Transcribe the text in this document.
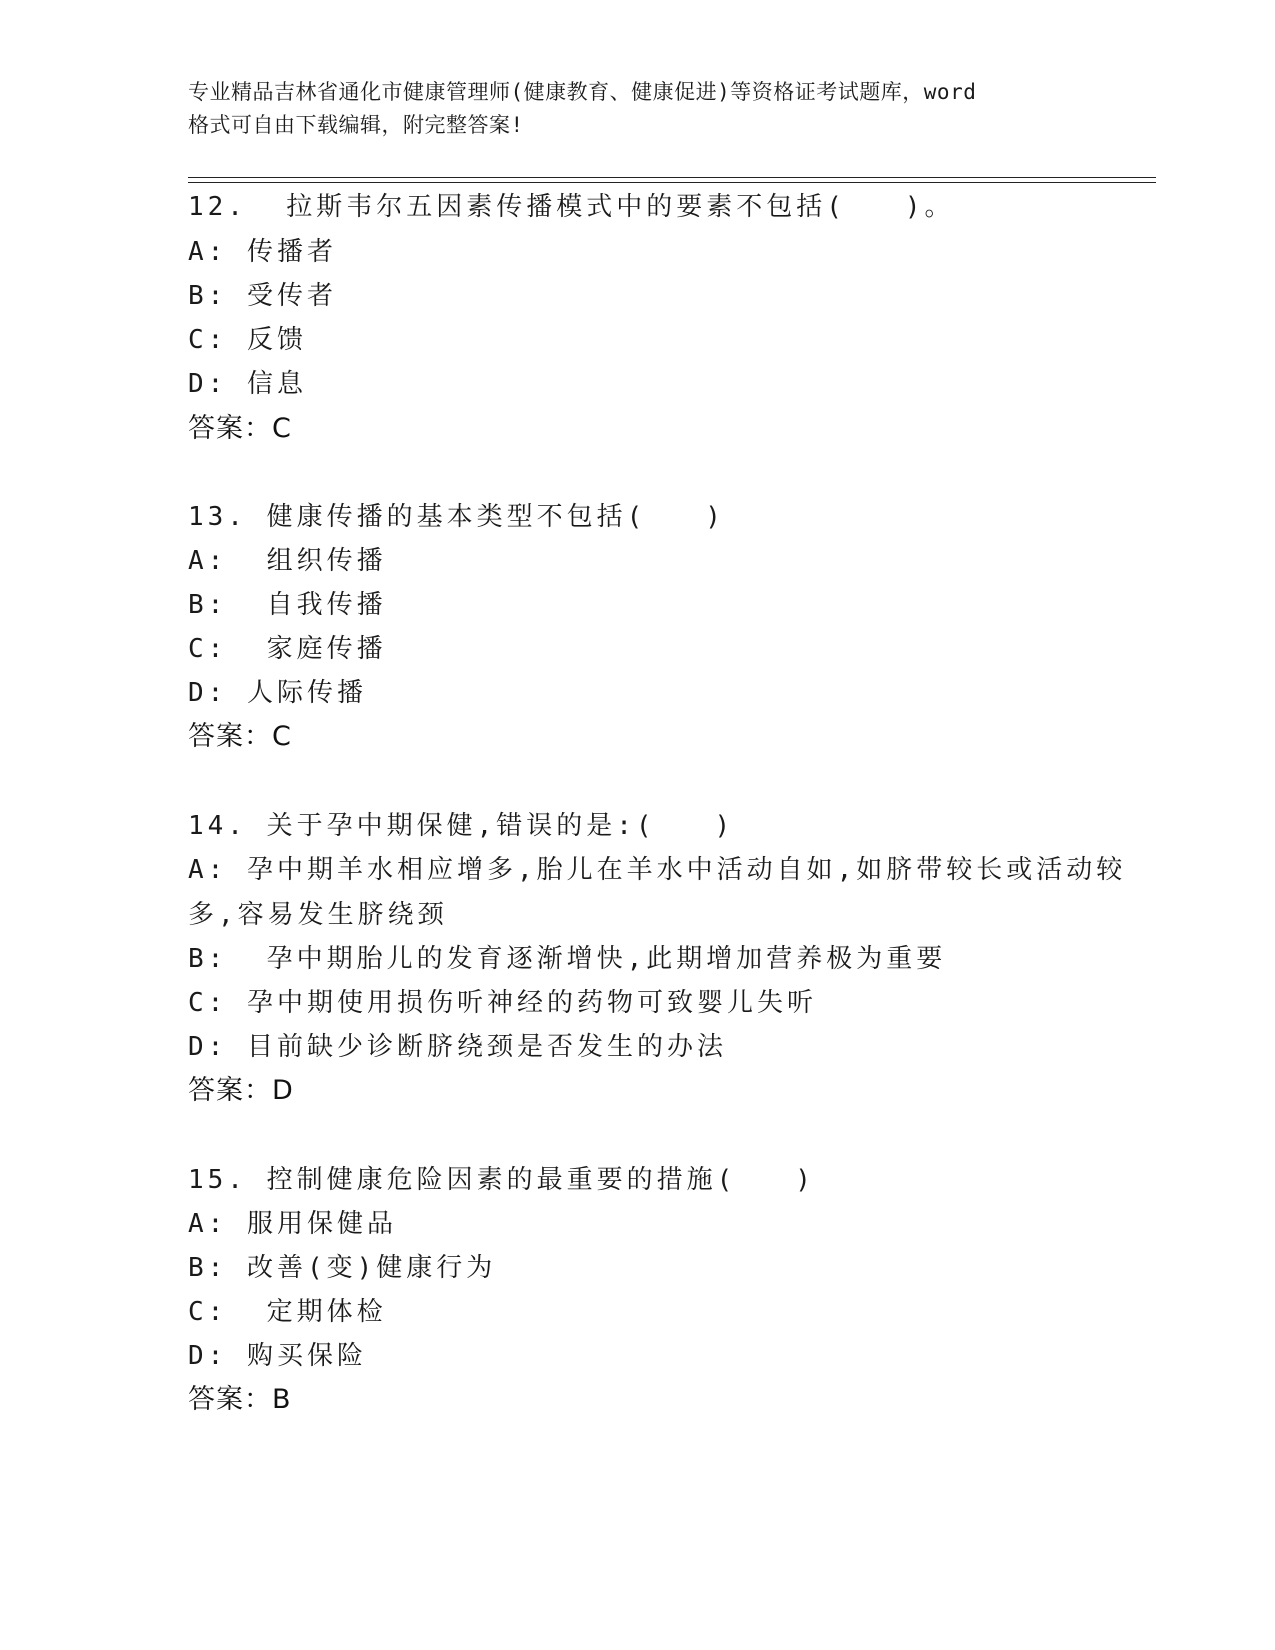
专业精品吉林省通化市健康管理师(健康教育、健康促进)等资格证考试题库，word
格式可自由下载编辑，附完整答案!
12.  拉斯韦尔五因素传播模式中的要素不包括(   )。
A: 传播者
B: 受传者
C: 反馈
D: 信息
答案：C
13. 健康传播的基本类型不包括(   )
A:  组织传播
B:  自我传播
C:  家庭传播
D: 人际传播
答案：C
14. 关于孕中期保健,错误的是:(   )
A: 孕中期羊水相应增多,胎儿在羊水中活动自如,如脐带较长或活动较
多,容易发生脐绕颈
B:  孕中期胎儿的发育逐渐增快,此期增加营养极为重要
C: 孕中期使用损伤听神经的药物可致婴儿失听
D: 目前缺少诊断脐绕颈是否发生的办法
答案：D
15. 控制健康危险因素的最重要的措施(   )
A: 服用保健品
B: 改善(变)健康行为
C:  定期体检
D: 购买保险
答案：B
